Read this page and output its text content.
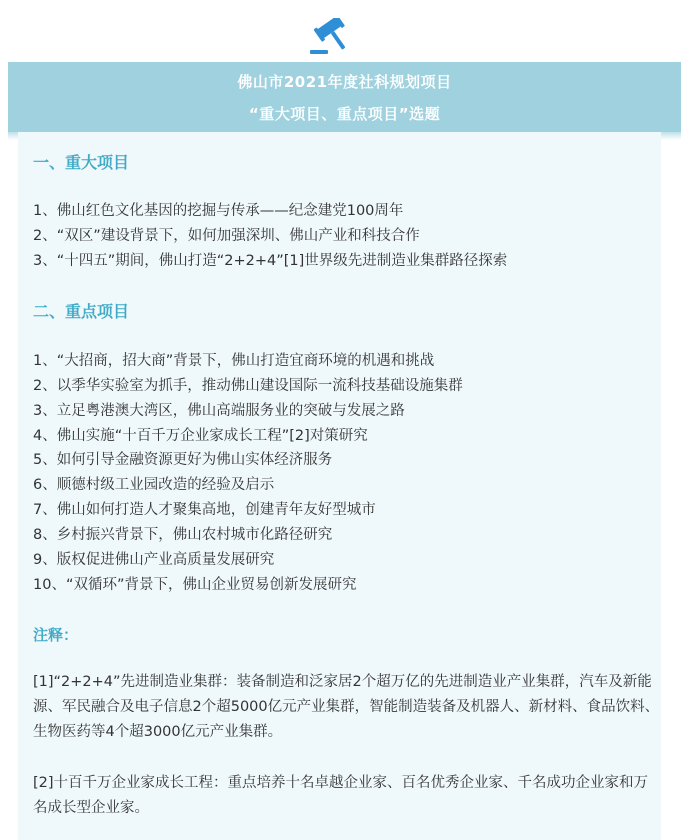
佛山市2021年度社科规划项目
“重大项目、重点项目”选题
一、重大项目
1、佛山红色文化基因的挖掘与传承——纪念建党100周年
2、“双区”建设背景下，如何加强深圳、佛山产业和科技合作
3、“十四五”期间，佛山打造“2+2+4”[1]世界级先进制造业集群路径探索
二、重点项目
1、“大招商，招大商”背景下，佛山打造宜商环境的机遇和挑战
2、以季华实验室为抓手，推动佛山建设国际一流科技基础设施集群
3、立足粤港澳大湾区，佛山高端服务业的突破与发展之路
4、佛山实施“十百千万企业家成长工程”[2]对策研究
5、如何引导金融资源更好为佛山实体经济服务
6、顺德村级工业园改造的经验及启示
7、佛山如何打造人才聚集高地，创建青年友好型城市
8、乡村振兴背景下，佛山农村城市化路径研究
9、版权促进佛山产业高质量发展研究
10、“双循环”背景下，佛山企业贸易创新发展研究
注释：
[1]“2+2+4”先进制造业集群：装备制造和泛家居2个超万亿的先进制造业产业集群，汽车及新能源、军民融合及电子信息2个超5000亿元产业集群，智能制造装备及机器人、新材料、食品饮料、生物医药等4个超3000亿元产业集群。
[2]十百千万企业家成长工程：重点培养十名卓越企业家、百名优秀企业家、千名成功企业家和万名成长型企业家。
